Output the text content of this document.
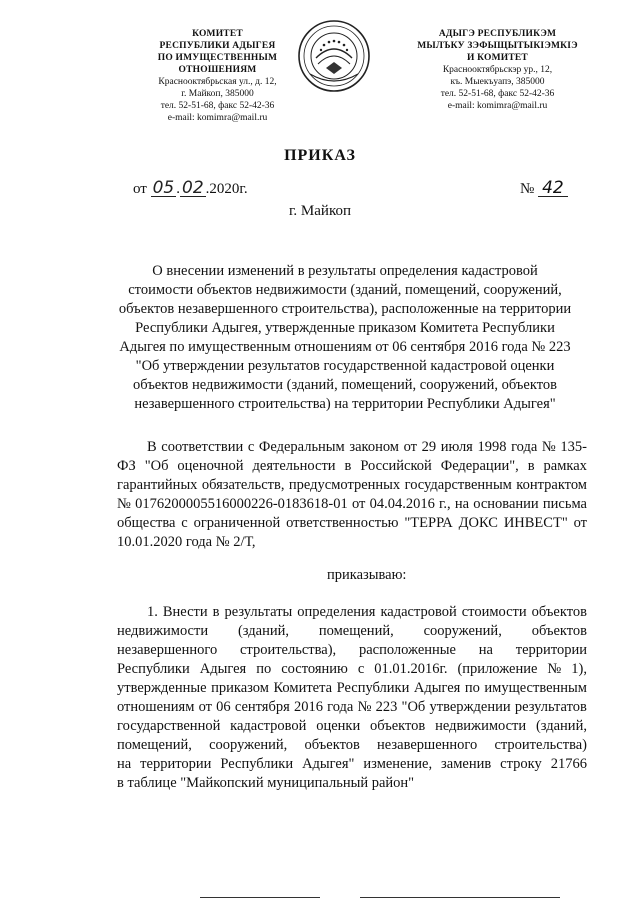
КОМИТЕТ
РЕСПУБЛИКИ АДЫГЕЯ
ПО ИМУЩЕСТВЕННЫМ ОТНОШЕНИЯМ
Краснооктябрьская ул., д. 12,
г. Майкоп, 385000
тел. 52-51-68, факс 52-42-36
e-mail: komimra@mail.ru
АДЫГЭ РЕСПУБЛИКЭМ
МЫЛЪКУ ЗЭФЫЩЫТЫКІЭМКІЭ
И КОМИТЕТ
Краснооктябрьскэр ур., 12,
къ. Мыекъуапэ, 385000
тел. 52-51-68, факс 52-42-36
e-mail: komimra@mail.ru
ПРИКАЗ
от 05 . 02 .2020г.	№ 42
г. Майкоп
О внесении изменений в результаты определения кадастровой
стоимости объектов недвижимости (зданий, помещений, сооружений,
объектов незавершенного строительства), расположенные на территории
Республики Адыгея, утвержденные приказом Комитета Республики
Адыгея по имущественным отношениям от 06 сентября 2016 года № 223
"Об утверждении результатов государственной кадастровой оценки
объектов недвижимости (зданий, помещений, сооружений, объектов
незавершенного строительства) на территории Республики Адыгея"
В соответствии с Федеральным законом от 29 июля 1998 года № 135-
ФЗ "Об оценочной деятельности в Российской Федерации", в рамках
гарантийных обязательств, предусмотренных государственным контрактом
№ 0176200005516000226-0183618-01 от 04.04.2016 г., на основании письма
общества с ограниченной ответственностью "ТЕРРА ДОКС ИНВЕСТ" от
10.01.2020 года № 2/Т,
приказываю:
1. Внести в результаты определения кадастровой стоимости объектов
недвижимости (зданий, помещений, сооружений, объектов
незавершенного строительства), расположенные на территории
Республики Адыгея по состоянию с 01.01.2016г. (приложение № 1),
утвержденные приказом Комитета Республики Адыгея по имущественным
отношениям от 06 сентября 2016 года № 223 "Об утверждении результатов
государственной кадастровой оценки объектов недвижимости (зданий,
помещений, сооружений, объектов незавершенного строительства)
на территории Республики Адыгея" изменение, заменив строку 21766
в таблице "Майкопский муниципальный район"
